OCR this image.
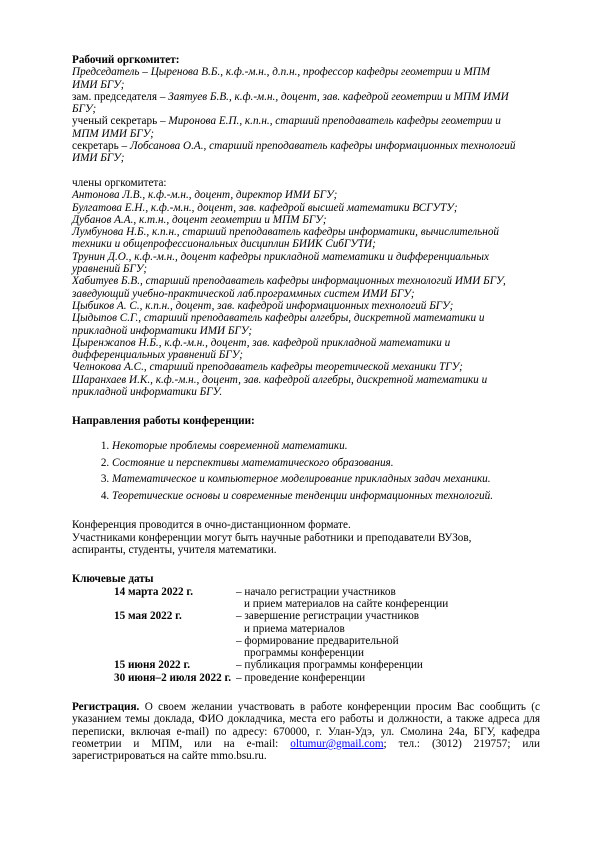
Рабочий оргкомитет:
Председатель – Цыренова В.Б., к.ф.-м.н., д.п.н., профессор кафедры геометрии и МПМ
ИМИ БГУ;
зам. председателя – Заятуев Б.В., к.ф.-м.н., доцент, зав. кафедрой геометрии и МПМ ИМИ
БГУ;
ученый секретарь – Миронова Е.П., к.п.н., старший преподаватель кафедры геометрии и
МПМ ИМИ БГУ;
секретарь – Лобсанова О.А., старший преподаватель кафедры информационных технологий
ИМИ БГУ;
члены оргкомитета:
Антонова Л.В., к.ф.-м.н., доцент, директор ИМИ БГУ;
Булгатова Е.Н., к.ф.-м.н., доцент, зав. кафедрой высшей математики ВСГУТУ;
Дубанов А.А., к.т.н., доцент геометрии и МПМ БГУ;
Лумбунова Н.Б., к.п.н., старший преподаватель кафедры информатики, вычислительной
техники и общепрофессиональных дисциплин БИИК СибГУТИ;
Трунин Д.О., к.ф.-м.н., доцент кафедры прикладной математики и дифференциальных
уравнений БГУ;
Хабитуев Б.В., старший преподаватель кафедры информационных технологий ИМИ БГУ,
заведующий учебно-практической лаб.программных систем ИМИ БГУ;
Цыбиков А. С., к.п.н., доцент, зав. кафедрой информационных технологий БГУ;
Цыдыпов С.Г., старший преподаватель кафедры алгебры, дискретной математики и
прикладной информатики ИМИ БГУ;
Цыренжапов Н.Б., к.ф.-м.н., доцент, зав. кафедрой прикладной математики и
дифференциальных уравнений БГУ;
Челнокова А.С., старший преподаватель кафедры теоретической механики ТГУ;
Шаранхаев И.К., к.ф.-м.н., доцент, зав. кафедрой алгебры, дискретной математики и
прикладной информатики БГУ.
Направления работы конференции:
1. Некоторые проблемы современной математики.
2. Состояние и перспективы математического образования.
3. Математическое и компьютерное моделирование прикладных задач механики.
4. Теоретические основы и современные тенденции информационных технологий.
Конференция проводится в очно-дистанционном формате.
Участниками конференции могут быть научные работники и преподаватели ВУЗов,
аспиранты, студенты, учителя математики.
Ключевые даты
14 марта 2022 г.	– начало регистрации участников
и прием материалов на сайте конференции
15 мая 2022 г.	– завершение регистрации участников
и приема материалов
– формирование предварительной
программы конференции
15 июня 2022 г.	– публикация программы конференции
30 июня–2 июля 2022 г. – проведение конференции
Регистрация. О своем желании участвовать в работе конференции просим Вас сообщить (с указанием темы доклада, ФИО докладчика, места его работы и должности, а также адреса для переписки, включая e-mail) по адресу: 670000, г. Улан-Удэ, ул. Смолина 24а, БГУ, кафедра геометрии и МПМ, или на e-mail: oltumur@gmail.com; тел.: (3012) 219757; или зарегистрироваться на сайте mmo.bsu.ru.
